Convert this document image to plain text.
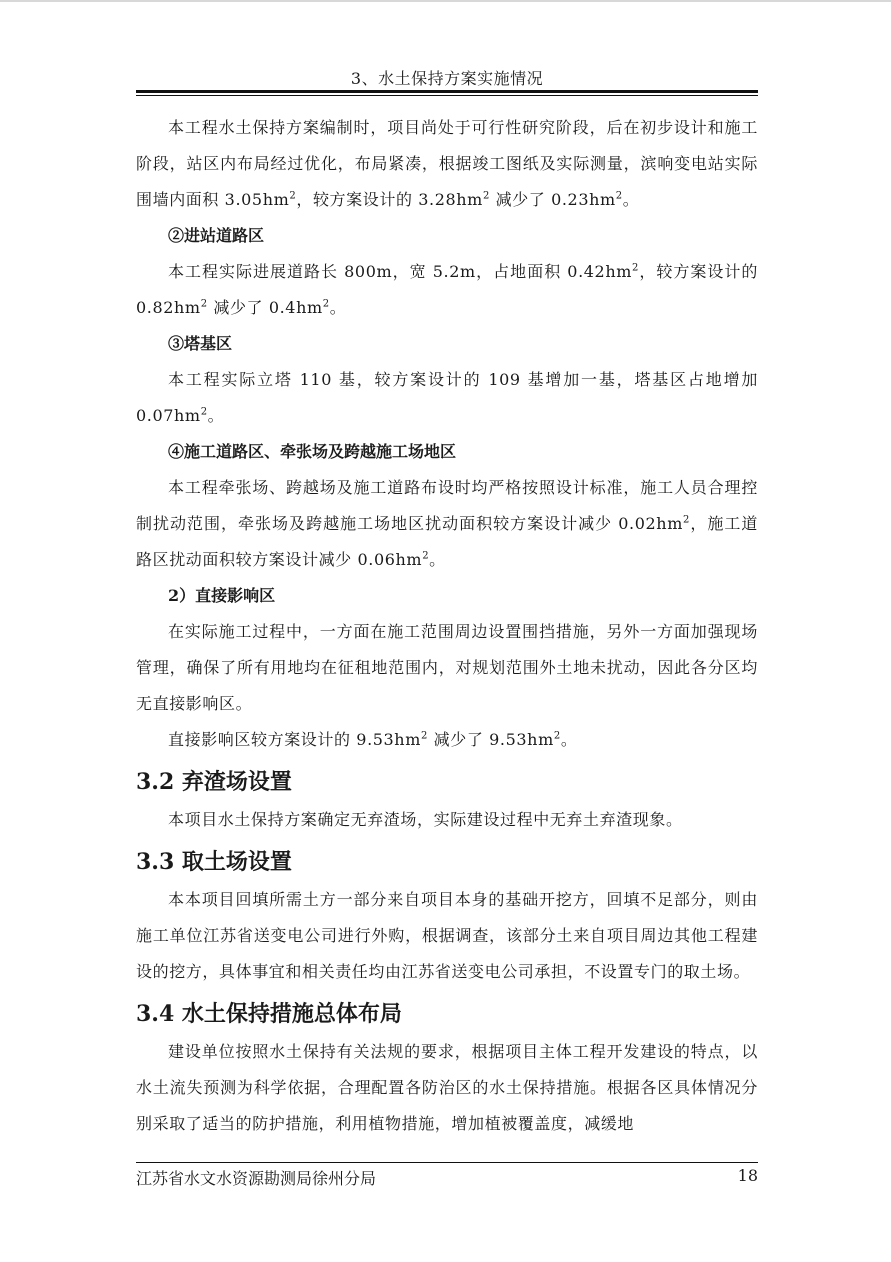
3、水土保持方案实施情况

本工程水土保持方案编制时，项目尚处于可行性研究阶段，后在初步设计和施工阶段，站区内布局经过优化，布局紧凑，根据竣工图纸及实际测量，滨响变电站实际围墙内面积 $3.05hm^2$，较方案设计的 $3.28hm^2$ 减少了 $0.23hm^2$。

②进站道路区

本工程实际进展道路长 800m，宽 5.2m，占地面积 $0.42hm^2$，较方案设计的 $0.82hm^2$ 减少了 $0.4hm^2$。

③塔基区

本工程实际立塔 110 基，较方案设计的 109 基增加一基，塔基区占地增加 $0.07hm^2$。

④施工道路区、牵张场及跨越施工场地区

本工程牵张场、跨越场及施工道路布设时均严格按照设计标准，施工人员合理控制扰动范围，牵张场及跨越施工场地区扰动面积较方案设计减少 $0.02hm^2$，施工道路区扰动面积较方案设计减少 $0.06hm^2$。

2）直接影响区

在实际施工过程中，一方面在施工范围周边设置围挡措施，另外一方面加强现场管理，确保了所有用地均在征租地范围内，对规划范围外土地未扰动，因此各分区均无直接影响区。

直接影响区较方案设计的 $9.53hm^2$ 减少了 $9.53hm^2$。

3.2 弃渣场设置

本项目水土保持方案确定无弃渣场，实际建设过程中无弃土弃渣现象。

3.3 取土场设置

本本项目回填所需土方一部分来自项目本身的基础开挖方，回填不足部分，则由施工单位江苏省送变电公司进行外购，根据调查，该部分土来自项目周边其他工程建设的挖方，具体事宜和相关责任均由江苏省送变电公司承担，不设置专门的取土场。

3.4 水土保持措施总体布局

建设单位按照水土保持有关法规的要求，根据项目主体工程开发建设的特点，以水土流失预测为科学依据，合理配置各防治区的水土保持措施。根据各区具体情况分别采取了适当的防护措施，利用植物措施，增加植被覆盖度，减缓地

江苏省水文水资源勘测局徐州分局	18
